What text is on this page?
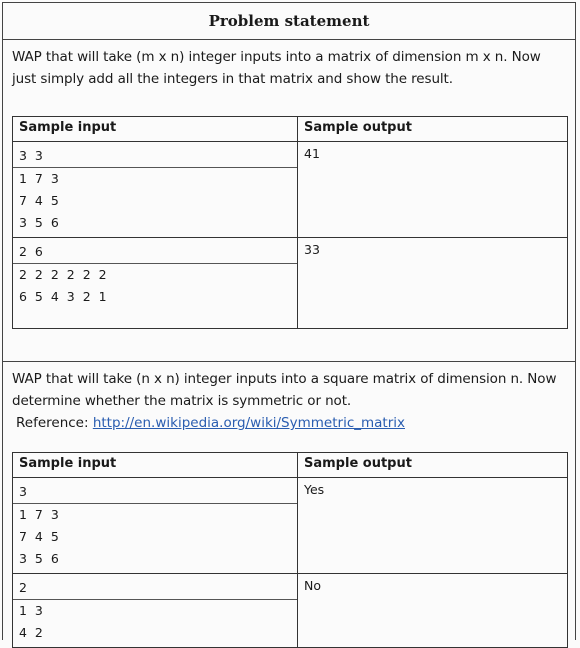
Problem statement

WAP that will take (m x n) integer inputs into a matrix of dimension m x n. Now just simply add all the integers in that matrix and show the result.

Sample input	Sample output

3 3
1 7 3
7 4 5
3 5 6	41

2 6
2 2 2 2 2 2
6 5 4 3 2 1	33

WAP that will take (n x n) integer inputs into a square matrix of dimension n. Now determine whether the matrix is symmetric or not.

Reference: http://en.wikipedia.org/wiki/Symmetric_matrix
Sample input	Sample output

3
1 7 3
7 4 5
3 5 6	Yes

2
1 3
4 2	No
